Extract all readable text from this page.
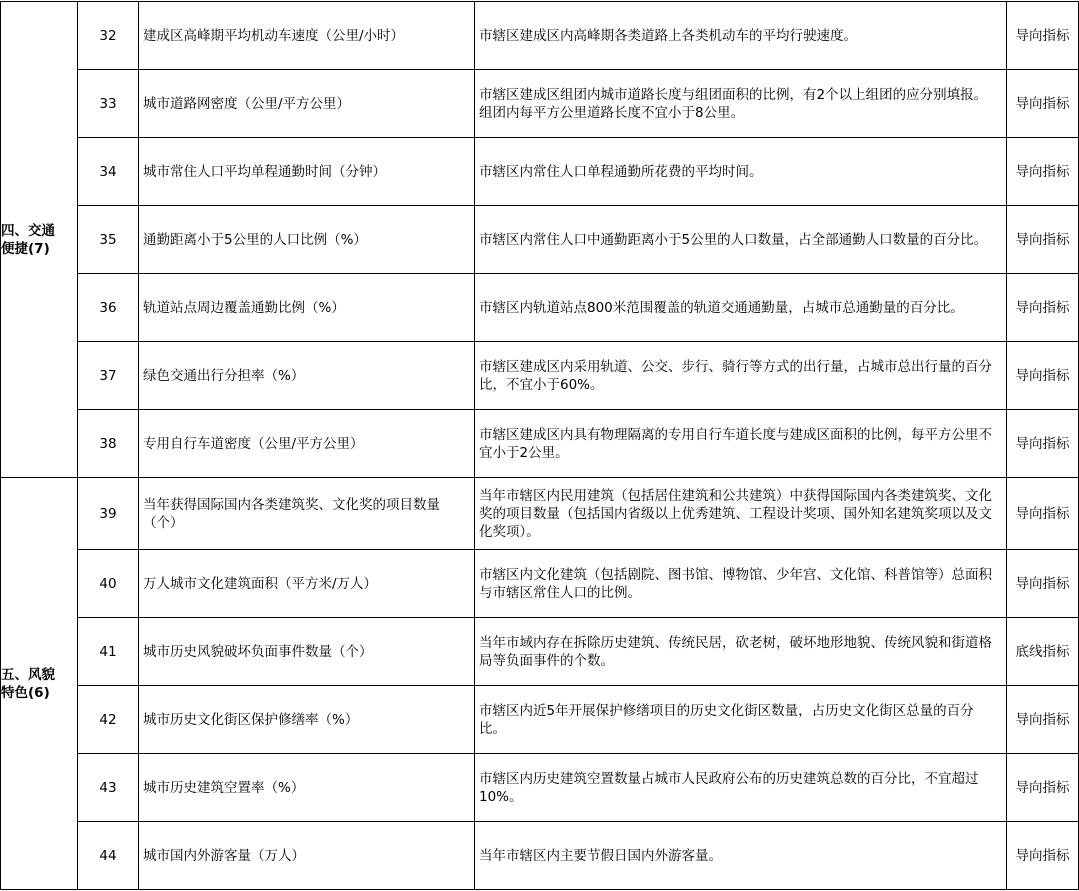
四、交通
便捷(7)	32	建成区高峰期平均机动车速度（公里/小时）	市辖区建成区内高峰期各类道路上各类机动车的平均行驶速度。	导向指标
	33	城市道路网密度（公里/平方公里）	市辖区建成区组团内城市道路长度与组团面积的比例，有2个以上组团的应分别填报。组团内每平方公里道路长度不宜小于8公里。	导向指标
	34	城市常住人口平均单程通勤时间（分钟）	市辖区内常住人口单程通勤所花费的平均时间。	导向指标
	35	通勤距离小于5公里的人口比例（%）	市辖区内常住人口中通勤距离小于5公里的人口数量，占全部通勤人口数量的百分比。	导向指标
	36	轨道站点周边覆盖通勤比例（%）	市辖区内轨道站点800米范围覆盖的轨道交通通勤量，占城市总通勤量的百分比。	导向指标
	37	绿色交通出行分担率（%）	市辖区建成区内采用轨道、公交、步行、骑行等方式的出行量，占城市总出行量的百分比，不宜小于60%。	导向指标
	38	专用自行车道密度（公里/平方公里）	市辖区建成区内具有物理隔离的专用自行车道长度与建成区面积的比例，每平方公里不宜小于2公里。	导向指标

五、风貌
特色(6)	39	当年获得国际国内各类建筑奖、文化奖的项目数量（个）	当年市辖区内民用建筑（包括居住建筑和公共建筑）中获得国际国内各类建筑奖、文化奖的项目数量（包括国内省级以上优秀建筑、工程设计奖项、国外知名建筑奖项以及文化奖项）。	导向指标
	40	万人城市文化建筑面积（平方米/万人）	市辖区内文化建筑（包括剧院、图书馆、博物馆、少年宫、文化馆、科普馆等）总面积与市辖区常住人口的比例。	导向指标
	41	城市历史风貌破坏负面事件数量（个）	当年市域内存在拆除历史建筑、传统民居，砍老树，破坏地形地貌、传统风貌和街道格局等负面事件的个数。	底线指标
	42	城市历史文化街区保护修缮率（%）	市辖区内近5年开展保护修缮项目的历史文化街区数量，占历史文化街区总量的百分比。	导向指标
	43	城市历史建筑空置率（%）	市辖区内历史建筑空置数量占城市人民政府公布的历史建筑总数的百分比，不宜超过10%。	导向指标
	44	城市国内外游客量（万人）	当年市辖区内主要节假日国内外游客量。	导向指标
